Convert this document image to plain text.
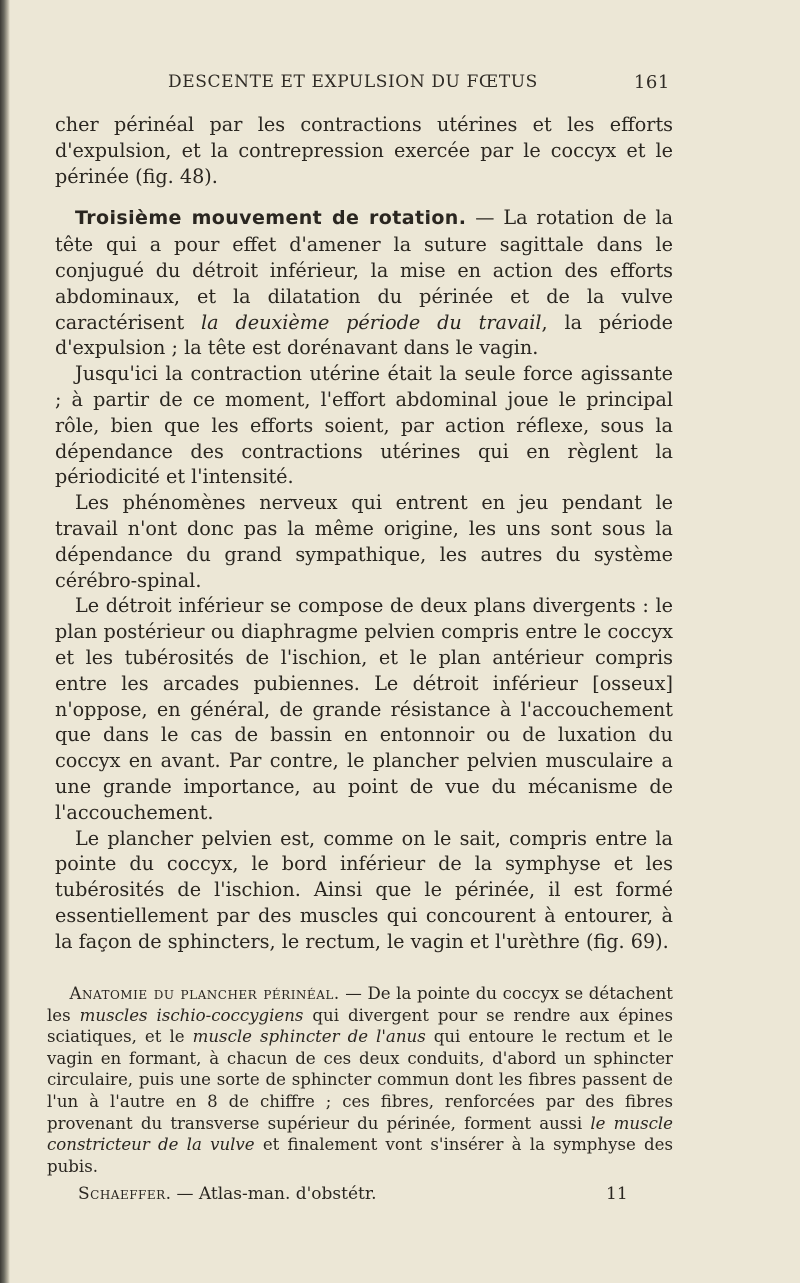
DESCENTE ET EXPULSION DU FŒTUS	161

cher périnéal par les contractions utérines et les efforts d'expulsion, et la contrepression exercée par le coccyx et le périnée (fig. 48).

Troisième mouvement de rotation. — La rotation de la tête qui a pour effet d'amener la suture sagittale dans le conjugué du détroit inférieur, la mise en action des efforts abdominaux, et la dilatation du périnée et de la vulve caractérisent la deuxième période du travail, la période d'expulsion ; la tête est dorénavant dans le vagin.

Jusqu'ici la contraction utérine était la seule force agissante ; à partir de ce moment, l'effort abdominal joue le principal rôle, bien que les efforts soient, par action réflexe, sous la dépendance des contractions utérines qui en règlent la périodicité et l'intensité.

Les phénomènes nerveux qui entrent en jeu pendant le travail n'ont donc pas la même origine, les uns sont sous la dépendance du grand sympathique, les autres du système cérébro-spinal.

Le détroit inférieur se compose de deux plans divergents : le plan postérieur ou diaphragme pelvien compris entre le coccyx et les tubérosités de l'ischion, et le plan antérieur compris entre les arcades pubiennes. Le détroit inférieur [osseux] n'oppose, en général, de grande résistance à l'accouchement que dans le cas de bassin en entonnoir ou de luxation du coccyx en avant. Par contre, le plancher pelvien musculaire a une grande importance, au point de vue du mécanisme de l'accouchement.

Le plancher pelvien est, comme on le sait, compris entre la pointe du coccyx, le bord inférieur de la symphyse et les tubérosités de l'ischion. Ainsi que le périnée, il est formé essentiellement par des muscles qui concourent à entourer, à la façon de sphincters, le rectum, le vagin et l'urèthre (fig. 69).

Anatomie du plancher périnéal. — De la pointe du coccyx se détachent les muscles ischio-coccygiens qui divergent pour se rendre aux épines sciatiques, et le muscle sphincter de l'anus qui entoure le rectum et le vagin en formant, à chacun de ces deux conduits, d'abord un sphincter circulaire, puis une sorte de sphincter commun dont les fibres passent de l'un à l'autre en 8 de chiffre ; ces fibres, renforcées par des fibres provenant du transverse supérieur du périnée, forment aussi le muscle constricteur de la vulve et finalement vont s'insérer à la symphyse des pubis.

Schaeffer. — Atlas-man. d'obstétr.	11
